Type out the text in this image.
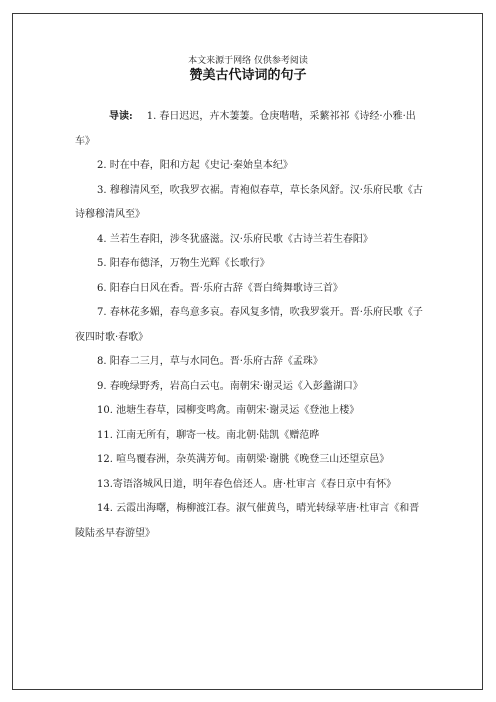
本文来源于网络 仅供参考阅读
赞美古代诗词的句子

导读: 1. 春日迟迟，卉木萋萋。仓庚喈喈，采蘩祁祁《诗经·小雅·出车》

2. 时在中春，阳和方起《史记·秦始皇本纪》

3. 穆穆清风至，吹我罗衣裾。青袍似春草，草长条风舒。汉·乐府民歌《古诗穆穆清风至》

4. 兰若生春阳，涉冬犹盛滋。汉·乐府民歌《古诗兰若生春阳》

5. 阳春布德泽，万物生光辉《长歌行》

6. 阳春白日风在香。晋·乐府古辞《晋白绮舞歌诗三首》

7. 春林花多媚，春鸟意多哀。春风复多情，吹我罗裳开。晋·乐府民歌《子夜四时歌·春歌》

8. 阳春二三月，草与水同色。晋·乐府古辞《孟珠》

9. 春晚绿野秀，岩高白云屯。南朝宋·谢灵运《入彭蠡湖口》

10. 池塘生春草，园柳变鸣禽。南朝宋·谢灵运《登池上楼》

11. 江南无所有，聊寄一枝。南北朝·陆凯《赠范晔

12. 喧鸟覆春洲，杂英满芳甸。南朝梁·谢朓《晚登三山还望京邑》

13.寄语洛城风日道，明年春色倍还人。唐·杜审言《春日京中有怀》

14. 云霞出海曙，梅柳渡江春。淑气催黄鸟，晴光转绿苹唐·杜审言《和晋陵陆丞早春游望》
